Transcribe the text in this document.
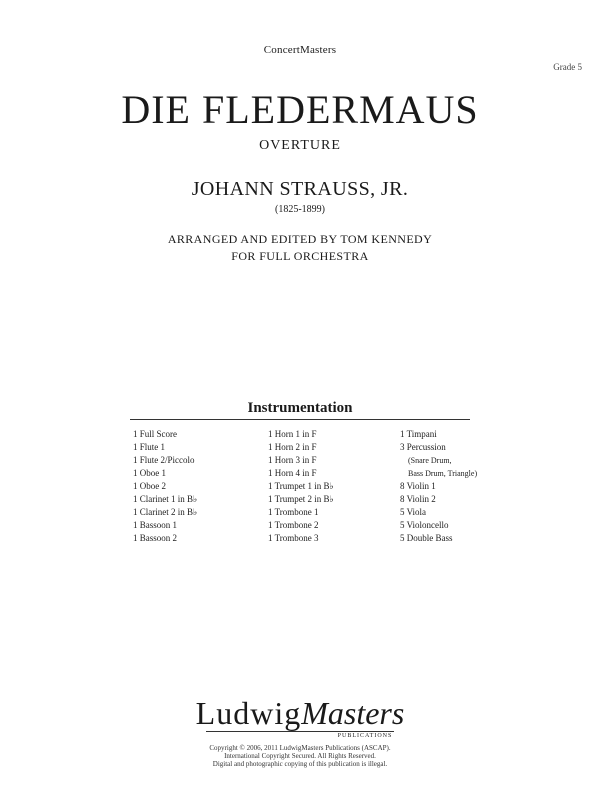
ConcertMasters
Grade 5
DIE FLEDERMAUS
OVERTURE
JOHANN STRAUSS, JR.
(1825-1899)
ARRANGED AND EDITED BY TOM KENNEDY
FOR FULL ORCHESTRA
Instrumentation
1 Full Score
1 Flute 1
1 Flute 2/Piccolo
1 Oboe 1
1 Oboe 2
1 Clarinet 1 in B♭
1 Clarinet 2 in B♭
1 Bassoon 1
1 Bassoon 2
1 Horn 1 in F
1 Horn 2 in F
1 Horn 3 in F
1 Horn 4 in F
1 Trumpet 1 in B♭
1 Trumpet 2 in B♭
1 Trombone 1
1 Trombone 2
1 Trombone 3
1 Timpani
3 Percussion
(Snare Drum,
Bass Drum, Triangle)
8 Violin 1
8 Violin 2
5 Viola
5 Violoncello
5 Double Bass
LudwigMasters
PUBLICATIONS
Copyright © 2006, 2011 LudwigMasters Publications (ASCAP).
International Copyright Secured. All Rights Reserved.
Digital and photographic copying of this publication is illegal.
